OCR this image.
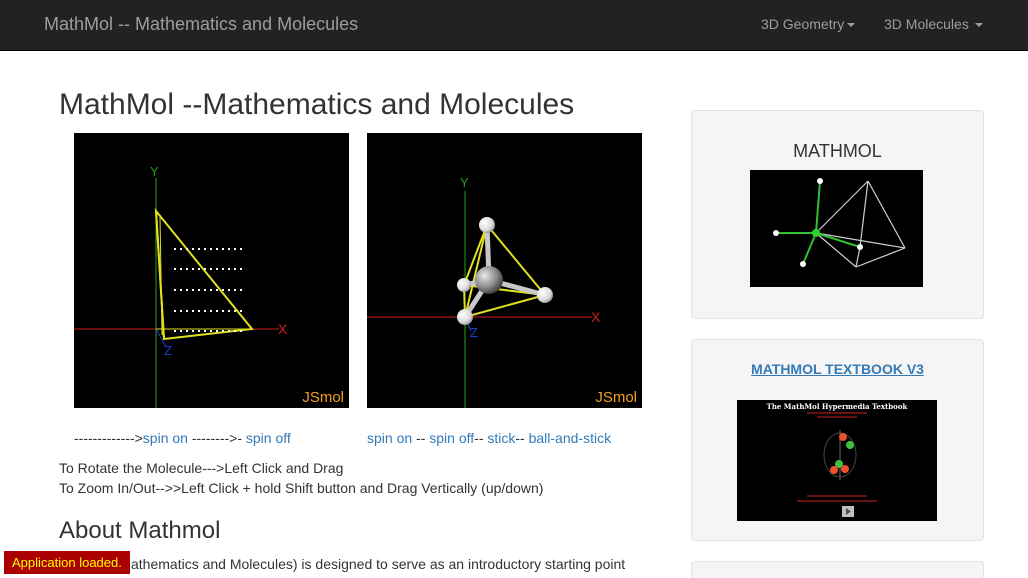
MathMol -- Mathematics and Molecules	3D Geometry	3D Molecules
MathMol --Mathematics and Molecules
Y
X
Z
JSmol
Y
X
Z
JSmol
------------->spin on -------->- spin off	spin on -- spin off-- stick-- ball-and-stick
To Rotate the Molecule--->Left Click and Drag
To Zoom In/Out-->>Left Click + hold Shift button and Drag Vertically (up/down)
About Mathmol
athematics and Molecules) is designed to serve as an introductory starting point
Application loaded.
MATHMOL
MATHMOL TEXTBOOK V3
The MathMol Hypermedia Textbook
